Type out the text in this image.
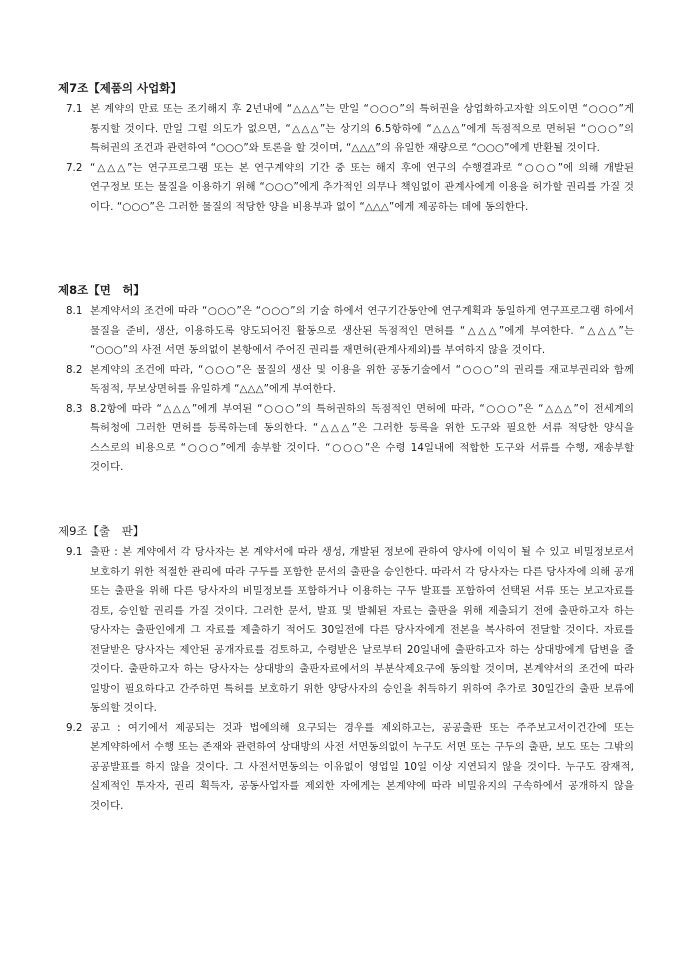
제7조【제품의 사업화】
7.1 본 계약의 만료 또는 조기해지 후 2년내에 “△△△”는 만일 “○○○”의 특허권을 상업화하고자할 의도이면 “○○○”게 통지할 것이다. 만일 그럴 의도가 없으면, “△△△”는 상기의 6.5항하에 “△△△”에게 독점적으로 면허된 “○○○”의 특허권의 조건과 관련하여 “○○○”와 토론을 할 것이며, “△△△”의 유일한 재량으로 “○○○”에게 반환될 것이다.
7.2 “△△△”는 연구프로그램 또는 본 연구계약의 기간 중 또는 해지 후에 연구의 수행결과로 “○○○”에 의해 개발된 연구정보 또는 물질을 이용하기 위해 “○○○”에게 추가적인 의무나 책임없이 관계사에게 이용을 허가할 권리를 가질 것 이다. “○○○”은 그러한 물질의 적당한 양을 비용부과 없이 “△△△”에게 제공하는 데에 동의한다.
제8조【면　허】
8.1 본계약서의 조건에 따라 “○○○”은 “○○○”의 기술 하에서 연구기간동안에 연구계획과 동일하게 연구프로그램 하에서 물질을 준비, 생산, 이용하도록 양도되어진 활동으로 생산된 독점적인 면허를 “△△△”에게 부여한다. “△△△”는 “○○○”의 사전 서면 동의없이 본항에서 주어진 권리를 재면허(관계사제외)를 부여하지 않을 것이다.
8.2 본계약의 조건에 따라, “○○○”은 물질의 생산 및 이용을 위한 공동기술에서 “○○○”의 권리를 재교부권리와 함께 독점적, 무보상면허를 유일하게 “△△△”에게 부여한다.
8.3 8.2항에 따라 “△△△”에게 부여된 “○○○”의 특허권하의 독점적인 면허에 따라, “○○○”은 “△△△”이 전세계의 특허청에 그러한 면허를 등록하는데 동의한다. “△△△”은 그러한 등록을 위한 도구와 필요한 서류 적당한 양식을 스스로의 비용으로 “○○○”에게 송부할 것이다. “○○○”은 수령 14일내에 적합한 도구와 서류를 수행, 재송부할 것이다.
제9조【출　판】
9.1 출판 : 본 계약에서 각 당사자는 본 계약서에 따라 생성, 개발된 정보에 관하여 양사에 이익이 될 수 있고 비밀정보로서 보호하기 위한 적절한 관리에 따라 구두를 포함한 문서의 출판을 승인한다. 따라서 각 당사자는 다른 당사자에 의해 공개 또는 출판을 위해 다른 당사자의 비밀정보를 포함하거나 이용하는 구두 발표를 포함하여 선택된 서류 또는 보고자료를 검토, 승인할 권리를 가질 것이다. 그러한 문서, 발표 및 발췌된 자료는 출판을 위해 제출되기 전에 출판하고자 하는 당사자는 출판인에게 그 자료를 제출하기 적어도 30일전에 다른 당사자에게 전본을 복사하여 전달할 것이다. 자료를 전달받은 당사자는 제안된 공개자료를 검토하고, 수령받은 날로부터 20일내에 출판하고자 하는 상대방에게 답변을 줄 것이다. 출판하고자 하는 당사자는 상대방의 출판자료에서의 부분삭제요구에 동의할 것이며, 본계약서의 조건에 따라 일방이 필요하다고 간주하면 특허를 보호하기 위한 양당사자의 승인을 취득하기 위하여 추가로 30일간의 출판 보류에 동의할 것이다.
9.2 공고 : 여기에서 제공되는 것과 법에의해 요구되는 경우를 제외하고는, 공공출판 또는 주주보고서이건간에 또는 본계약하에서 수행 또는 존재와 관련하여 상대방의 사전 서면동의없이 누구도 서면 또는 구두의 출판, 보도 또는 그밖의 공공발표를 하지 않을 것이다. 그 사전서면동의는 이유없이 영업일 10일 이상 지연되지 않을 것이다. 누구도 잠재적, 실제적인 투자자, 권리 획득자, 공동사업자를 제외한 자에게는 본계약에 따라 비밀유지의 구속하에서 공개하지 않을 것이다.
